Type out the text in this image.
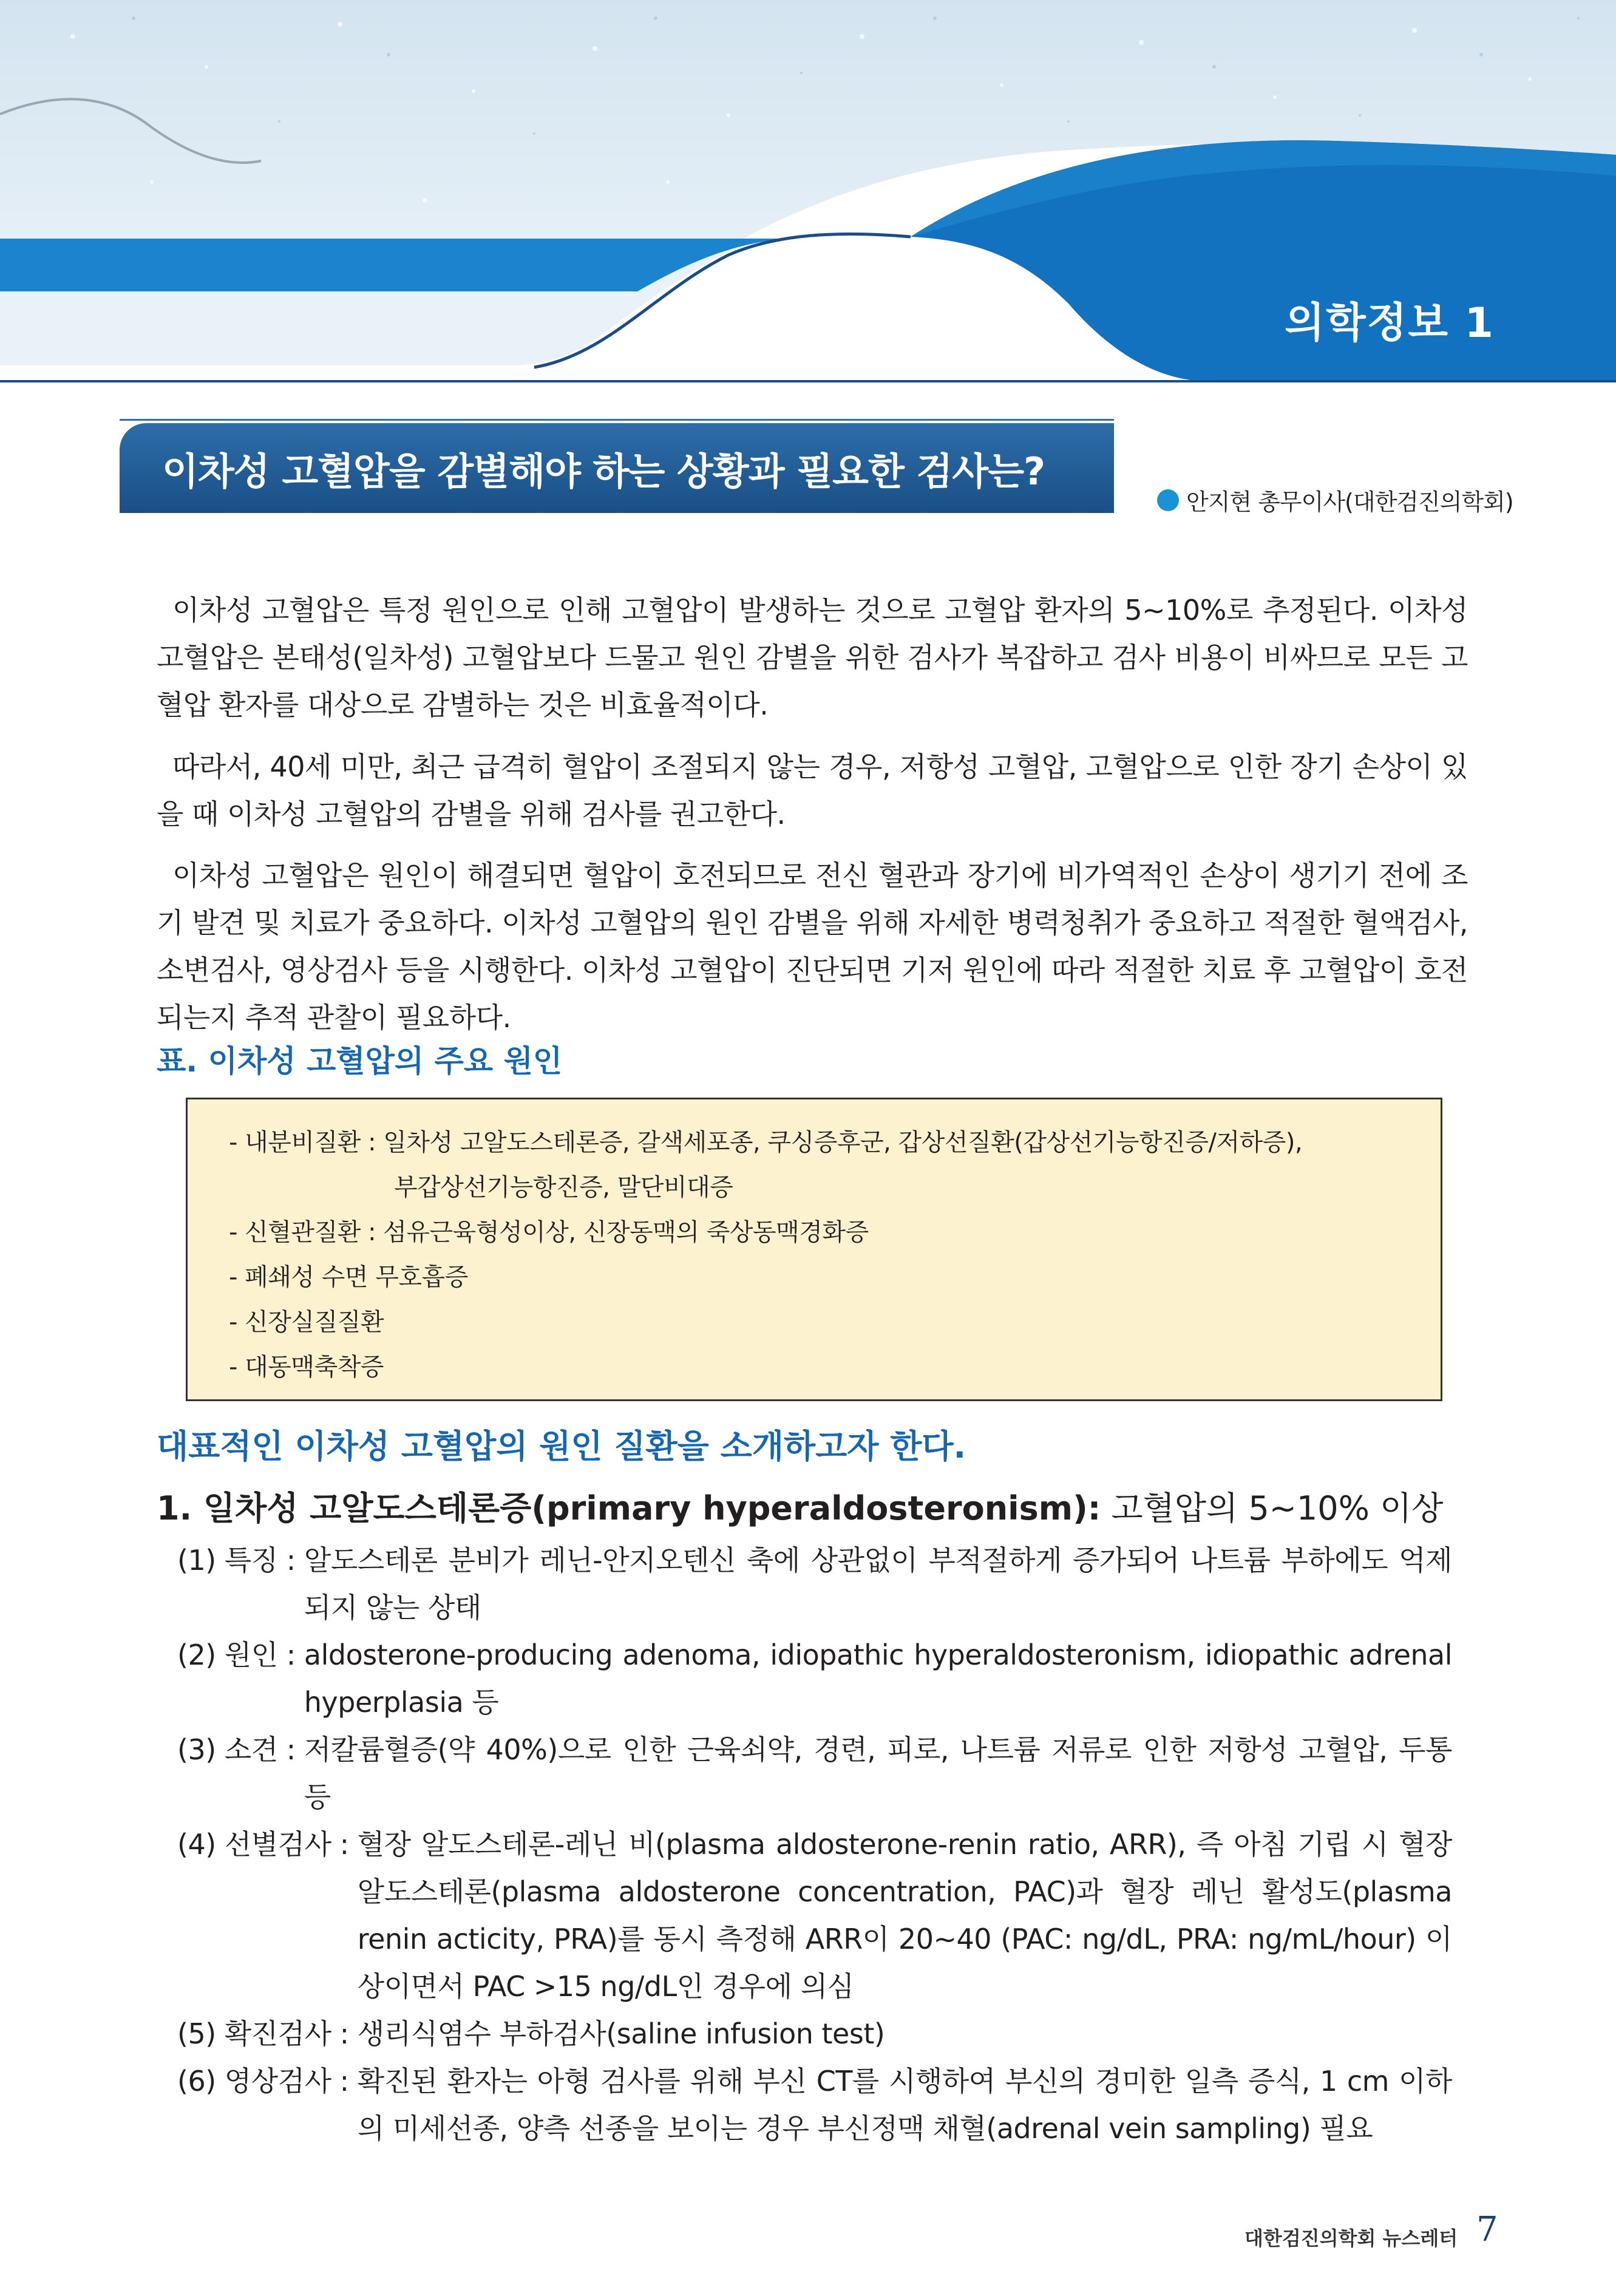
의학정보 1
이차성 고혈압을 감별해야 하는 상황과 필요한 검사는?
안지현 총무이사(대한검진의학회)

이차성 고혈압은 특정 원인으로 인해 고혈압이 발생하는 것으로 고혈압 환자의 5~10%로 추정된다. 이차성 고혈압은 본태성(일차성) 고혈압보다 드물고 원인 감별을 위한 검사가 복잡하고 검사 비용이 비싸므로 모든 고혈압 환자를 대상으로 감별하는 것은 비효율적이다.

따라서, 40세 미만, 최근 급격히 혈압이 조절되지 않는 경우, 저항성 고혈압, 고혈압으로 인한 장기 손상이 있을 때 이차성 고혈압의 감별을 위해 검사를 권고한다.

이차성 고혈압은 원인이 해결되면 혈압이 호전되므로 전신 혈관과 장기에 비가역적인 손상이 생기기 전에 조기 발견 및 치료가 중요하다. 이차성 고혈압의 원인 감별을 위해 자세한 병력청취가 중요하고 적절한 혈액검사, 소변검사, 영상검사 등을 시행한다. 이차성 고혈압이 진단되면 기저 원인에 따라 적절한 치료 후 고혈압이 호전되는지 추적 관찰이 필요하다.

표. 이차성 고혈압의 주요 원인
- 내분비질환 : 일차성 고알도스테론증, 갈색세포종, 쿠싱증후군, 갑상선질환(갑상선기능항진증/저하증),
부갑상선기능항진증, 말단비대증
- 신혈관질환 : 섬유근육형성이상, 신장동맥의 죽상동맥경화증
- 폐쇄성 수면 무호흡증
- 신장실질질환
- 대동맥축착증
대표적인 이차성 고혈압의 원인 질환을 소개하고자 한다.
1. 일차성 고알도스테론증(primary hyperaldosteronism): 고혈압의 5~10% 이상
(1) 특징 : 알도스테론 분비가 레닌-안지오텐신 축에 상관없이 부적절하게 증가되어 나트륨 부하에도 억제되지 않는 상태
(2) 원인 : aldosterone-producing adenoma, idiopathic hyperaldosteronism, idiopathic adrenal hyperplasia 등
(3) 소견 : 저칼륨혈증(약 40%)으로 인한 근육쇠약, 경련, 피로, 나트륨 저류로 인한 저항성 고혈압, 두통 등
(4) 선별검사 : 혈장 알도스테론-레닌 비(plasma aldosterone-renin ratio, ARR), 즉 아침 기립 시 혈장 알도스테론(plasma aldosterone concentration, PAC)과 혈장 레닌 활성도(plasma renin acticity, PRA)를 동시 측정해 ARR이 20~40 (PAC: ng/dL, PRA: ng/mL/hour) 이상이면서 PAC >15 ng/dL인 경우에 의심
(5) 확진검사 : 생리식염수 부하검사(saline infusion test)
(6) 영상검사 : 확진된 환자는 아형 검사를 위해 부신 CT를 시행하여 부신의 경미한 일측 증식, 1 cm 이하의 미세선종, 양측 선종을 보이는 경우 부신정맥 채혈(adrenal vein sampling) 필요
대한검진의학회 뉴스레터 7
